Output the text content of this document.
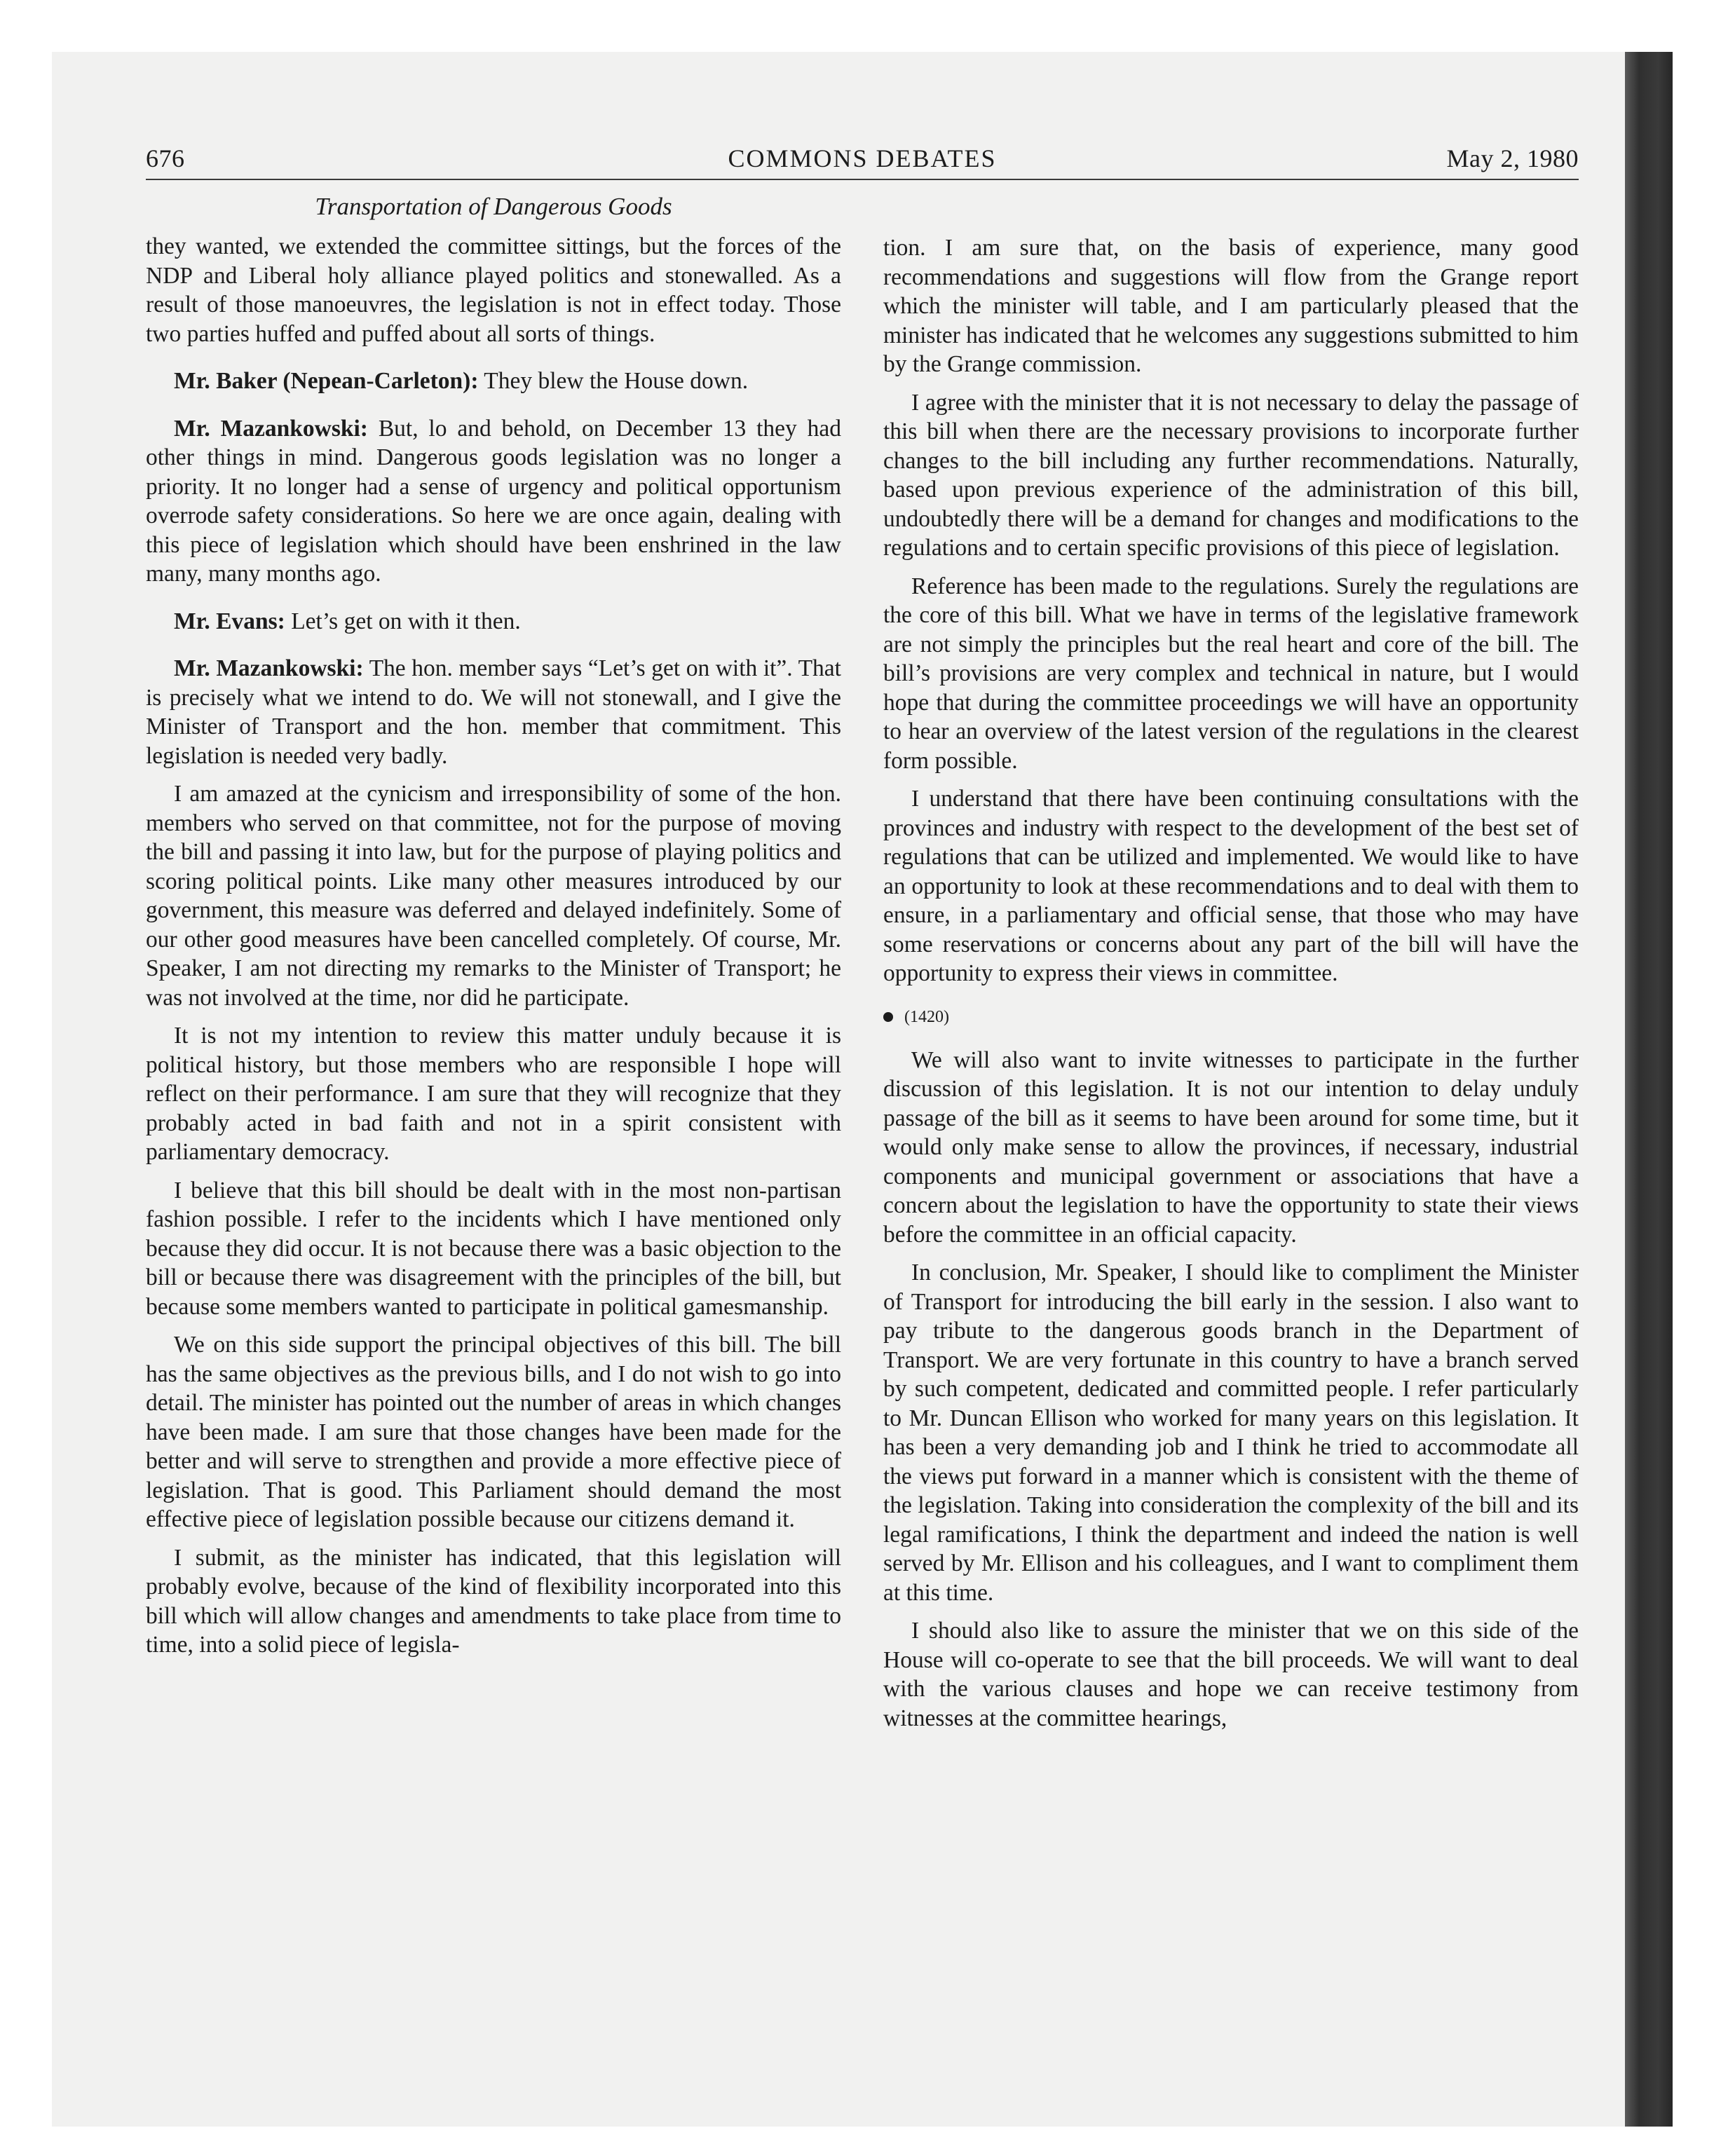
676	COMMONS DEBATES	May 2, 1980
Transportation of Dangerous Goods

they wanted, we extended the committee sittings, but the forces of the NDP and Liberal holy alliance played politics and stonewalled. As a result of those manoeuvres, the legislation is not in effect today. Those two parties huffed and puffed about all sorts of things.

Mr. Baker (Nepean-Carleton): They blew the House down.

Mr. Mazankowski: But, lo and behold, on December 13 they had other things in mind. Dangerous goods legislation was no longer a priority. It no longer had a sense of urgency and political opportunism overrode safety considerations. So here we are once again, dealing with this piece of legislation which should have been enshrined in the law many, many months ago.

Mr. Evans: Let’s get on with it then.

Mr. Mazankowski: The hon. member says “Let’s get on with it”. That is precisely what we intend to do. We will not stonewall, and I give the Minister of Transport and the hon. member that commitment. This legislation is needed very badly.

I am amazed at the cynicism and irresponsibility of some of the hon. members who served on that committee, not for the purpose of moving the bill and passing it into law, but for the purpose of playing politics and scoring political points. Like many other measures introduced by our government, this measure was deferred and delayed indefinitely. Some of our other good measures have been cancelled completely. Of course, Mr. Speaker, I am not directing my remarks to the Minister of Transport; he was not involved at the time, nor did he participate.

It is not my intention to review this matter unduly because it is political history, but those members who are responsible I hope will reflect on their performance. I am sure that they will recognize that they probably acted in bad faith and not in a spirit consistent with parliamentary democracy.

I believe that this bill should be dealt with in the most non-partisan fashion possible. I refer to the incidents which I have mentioned only because they did occur. It is not because there was a basic objection to the bill or because there was disagreement with the principles of the bill, but because some members wanted to participate in political gamesmanship.

We on this side support the principal objectives of this bill. The bill has the same objectives as the previous bills, and I do not wish to go into detail. The minister has pointed out the number of areas in which changes have been made. I am sure that those changes have been made for the better and will serve to strengthen and provide a more effective piece of legislation. That is good. This Parliament should demand the most effective piece of legislation possible because our citizens demand it.

I submit, as the minister has indicated, that this legislation will probably evolve, because of the kind of flexibility incorporated into this bill which will allow changes and amendments to take place from time to time, into a solid piece of legisla-

tion. I am sure that, on the basis of experience, many good recommendations and suggestions will flow from the Grange report which the minister will table, and I am particularly pleased that the minister has indicated that he welcomes any suggestions submitted to him by the Grange commission.

I agree with the minister that it is not necessary to delay the passage of this bill when there are the necessary provisions to incorporate further changes to the bill including any further recommendations. Naturally, based upon previous experience of the administration of this bill, undoubtedly there will be a demand for changes and modifications to the regulations and to certain specific provisions of this piece of legislation.

Reference has been made to the regulations. Surely the regulations are the core of this bill. What we have in terms of the legislative framework are not simply the principles but the real heart and core of the bill. The bill’s provisions are very complex and technical in nature, but I would hope that during the committee proceedings we will have an opportunity to hear an overview of the latest version of the regulations in the clearest form possible.

I understand that there have been continuing consultations with the provinces and industry with respect to the development of the best set of regulations that can be utilized and implemented. We would like to have an opportunity to look at these recommendations and to deal with them to ensure, in a parliamentary and official sense, that those who may have some reservations or concerns about any part of the bill will have the opportunity to express their views in committee.

(1420)

We will also want to invite witnesses to participate in the further discussion of this legislation. It is not our intention to delay unduly passage of the bill as it seems to have been around for some time, but it would only make sense to allow the provinces, if necessary, industrial components and municipal government or associations that have a concern about the legislation to have the opportunity to state their views before the committee in an official capacity.

In conclusion, Mr. Speaker, I should like to compliment the Minister of Transport for introducing the bill early in the session. I also want to pay tribute to the dangerous goods branch in the Department of Transport. We are very fortunate in this country to have a branch served by such competent, dedicated and committed people. I refer particularly to Mr. Duncan Ellison who worked for many years on this legislation. It has been a very demanding job and I think he tried to accommodate all the views put forward in a manner which is consistent with the theme of the legislation. Taking into consideration the complexity of the bill and its legal ramifications, I think the department and indeed the nation is well served by Mr. Ellison and his colleagues, and I want to compliment them at this time.

I should also like to assure the minister that we on this side of the House will co-operate to see that the bill proceeds. We will want to deal with the various clauses and hope we can receive testimony from witnesses at the committee hearings,
